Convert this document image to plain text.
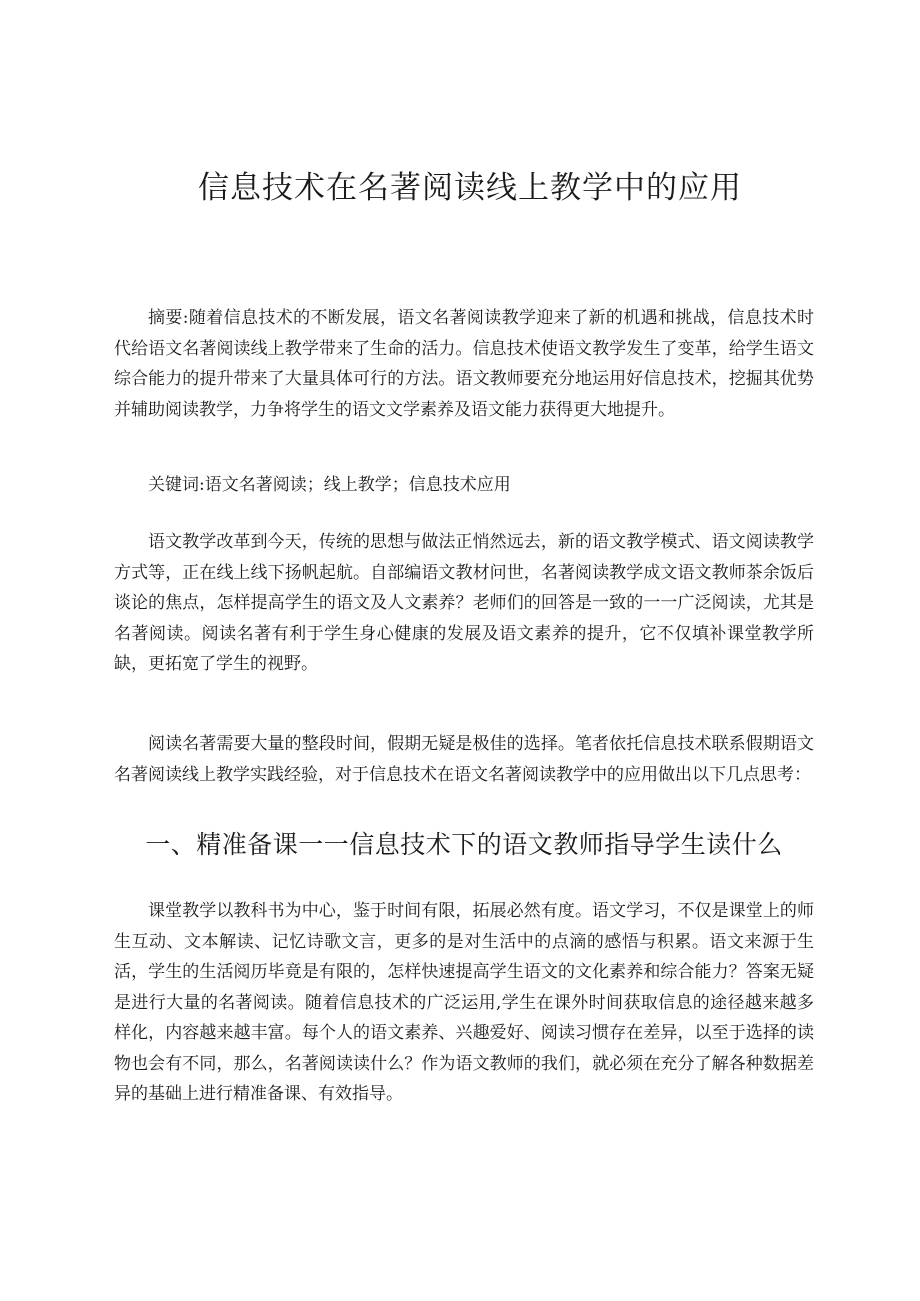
信息技术在名著阅读线上教学中的应用

摘要:随着信息技术的不断发展，语文名著阅读教学迎来了新的机遇和挑战，信息技术时代给语文名著阅读线上教学带来了生命的活力。信息技术使语文教学发生了变革，给学生语文综合能力的提升带来了大量具体可行的方法。语文教师要充分地运用好信息技术，挖掘其优势并辅助阅读教学，力争将学生的语文文学素养及语文能力获得更大地提升。

关键词:语文名著阅读；线上教学；信息技术应用

语文教学改革到今天，传统的思想与做法正悄然远去，新的语文教学模式、语文阅读教学方式等，正在线上线下扬帆起航。自部编语文教材问世，名著阅读教学成文语文教师茶余饭后谈论的焦点，怎样提高学生的语文及人文素养？老师们的回答是一致的一一广泛阅读，尤其是名著阅读。阅读名著有利于学生身心健康的发展及语文素养的提升，它不仅填补课堂教学所缺，更拓宽了学生的视野。

阅读名著需要大量的整段时间，假期无疑是极佳的选择。笔者依托信息技术联系假期语文名著阅读线上教学实践经验，对于信息技术在语文名著阅读教学中的应用做出以下几点思考：

一、精准备课一一信息技术下的语文教师指导学生读什么

课堂教学以教科书为中心，鉴于时间有限，拓展必然有度。语文学习，不仅是课堂上的师生互动、文本解读、记忆诗歌文言，更多的是对生活中的点滴的感悟与积累。语文来源于生活，学生的生活阅历毕竟是有限的，怎样快速提高学生语文的文化素养和综合能力？答案无疑是进行大量的名著阅读。随着信息技术的广泛运用,学生在课外时间获取信息的途径越来越多样化，内容越来越丰富。每个人的语文素养、兴趣爱好、阅读习惯存在差异，以至于选择的读物也会有不同，那么，名著阅读读什么？作为语文教师的我们，就必须在充分了解各种数据差异的基础上进行精准备课、有效指导。
